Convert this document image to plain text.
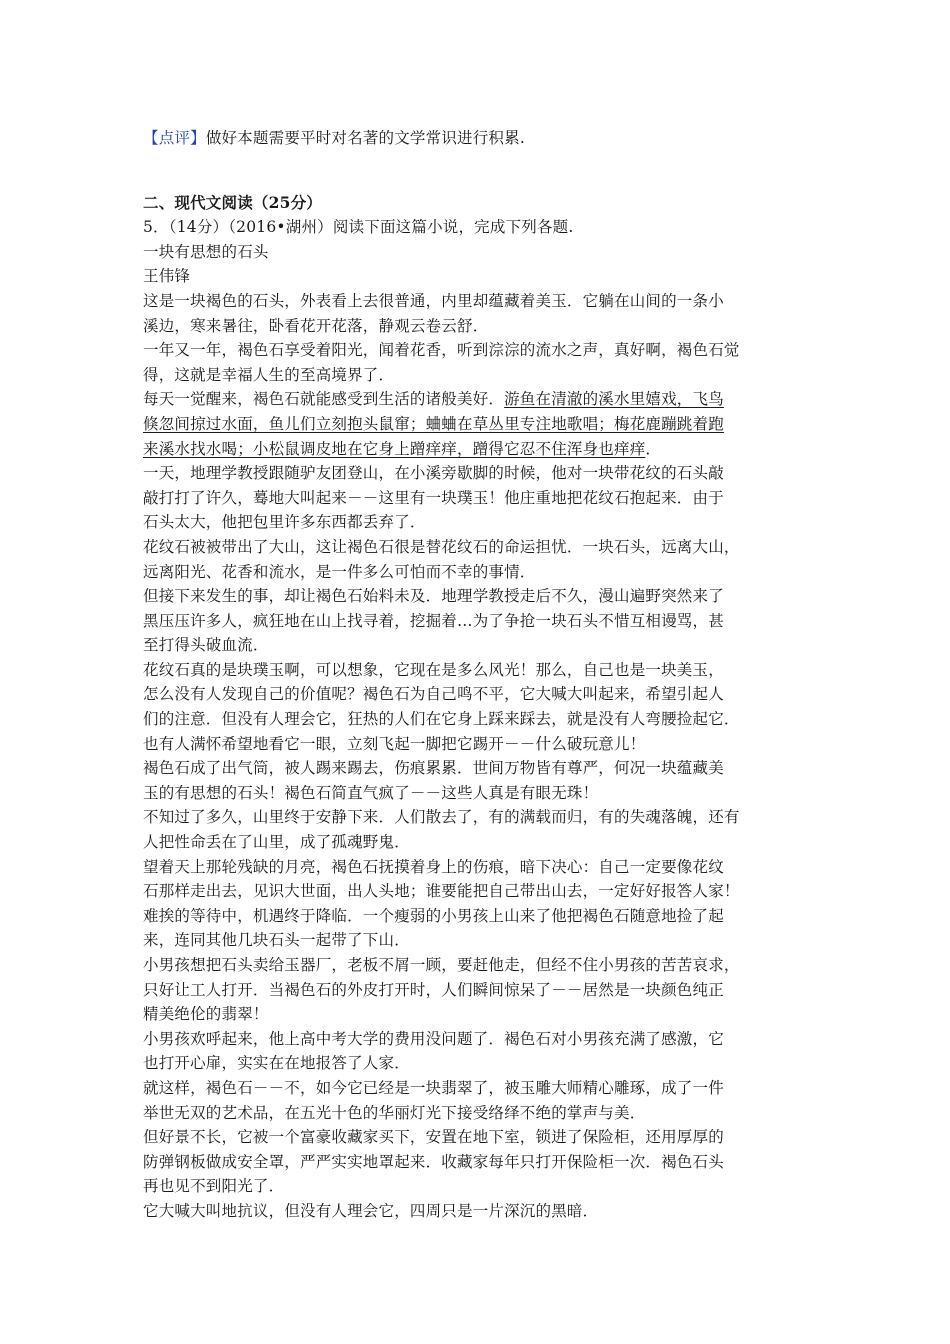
【点评】做好本题需要平时对名著的文学常识进行积累.
二、现代文阅读（25分）
5．（14分）（2016•湖州）阅读下面这篇小说，完成下列各题.
一块有思想的石头
王伟锋

这是一块褐色的石头，外表看上去很普通，内里却蕴藏着美玉．它躺在山间的一条小

溪边，寒来暑往，卧看花开花落，静观云卷云舒．

一年又一年，褐色石享受着阳光，闻着花香，听到淙淙的流水之声，真好啊，褐色石觉

得，这就是幸福人生的至高境界了．

每天一觉醒来，褐色石就能感受到生活的诸般美好．游鱼在清澈的溪水里嬉戏，飞鸟

倏忽间掠过水面，鱼儿们立刻抱头鼠窜；蛐蛐在草丛里专注地歌唱；梅花鹿蹦跳着跑

来溪水找水喝；小松鼠调皮地在它身上蹭痒痒，蹭得它忍不住浑身也痒痒．

一天，地理学教授跟随驴友团登山，在小溪旁歇脚的时候，他对一块带花纹的石头敲

敲打打了许久，蓦地大叫起来－－这里有一块璞玉！他庄重地把花纹石抱起来．由于

石头太大，他把包里许多东西都丢弃了．

花纹石被被带出了大山，这让褐色石很是替花纹石的命运担忧．一块石头，远离大山，

远离阳光、花香和流水，是一件多么可怕而不幸的事情．

但接下来发生的事，却让褐色石始料未及．地理学教授走后不久，漫山遍野突然来了

黑压压许多人，疯狂地在山上找寻着，挖掘着…为了争抢一块石头不惜互相谩骂，甚

至打得头破血流．

花纹石真的是块璞玉啊，可以想象，它现在是多么风光！那么，自己也是一块美玉，

怎么没有人发现自己的价值呢？褐色石为自己鸣不平，它大喊大叫起来，希望引起人

们的注意．但没有人理会它，狂热的人们在它身上踩来踩去，就是没有人弯腰捡起它．

也有人满怀希望地看它一眼，立刻飞起一脚把它踢开－－什么破玩意儿！

褐色石成了出气筒，被人踢来踢去，伤痕累累．世间万物皆有尊严，何况一块蕴藏美

玉的有思想的石头！褐色石简直气疯了－－这些人真是有眼无珠！

不知过了多久，山里终于安静下来．人们散去了，有的满载而归，有的失魂落魄，还有

人把性命丢在了山里，成了孤魂野鬼．

望着天上那轮残缺的月亮，褐色石抚摸着身上的伤痕，暗下决心：自己一定要像花纹

石那样走出去，见识大世面，出人头地；谁要能把自己带出山去，一定好好报答人家！

难挨的等待中，机遇终于降临．一个瘦弱的小男孩上山来了他把褐色石随意地捡了起

来，连同其他几块石头一起带了下山．

小男孩想把石头卖给玉器厂，老板不屑一顾，要赶他走，但经不住小男孩的苦苦哀求，

只好让工人打开．当褐色石的外皮打开时，人们瞬间惊呆了－－居然是一块颜色纯正

精美绝伦的翡翠！

小男孩欢呼起来，他上高中考大学的费用没问题了．褐色石对小男孩充满了感激，它

也打开心扉，实实在在地报答了人家．

就这样，褐色石－－不，如今它已经是一块翡翠了，被玉雕大师精心雕琢，成了一件

举世无双的艺术品，在五光十色的华丽灯光下接受络绎不绝的掌声与美．

但好景不长，它被一个富豪收藏家买下，安置在地下室，锁进了保险柜，还用厚厚的

防弹钢板做成安全罩，严严实实地罩起来．收藏家每年只打开保险柜一次．褐色石头

再也见不到阳光了．

它大喊大叫地抗议，但没有人理会它，四周只是一片深沉的黑暗．
